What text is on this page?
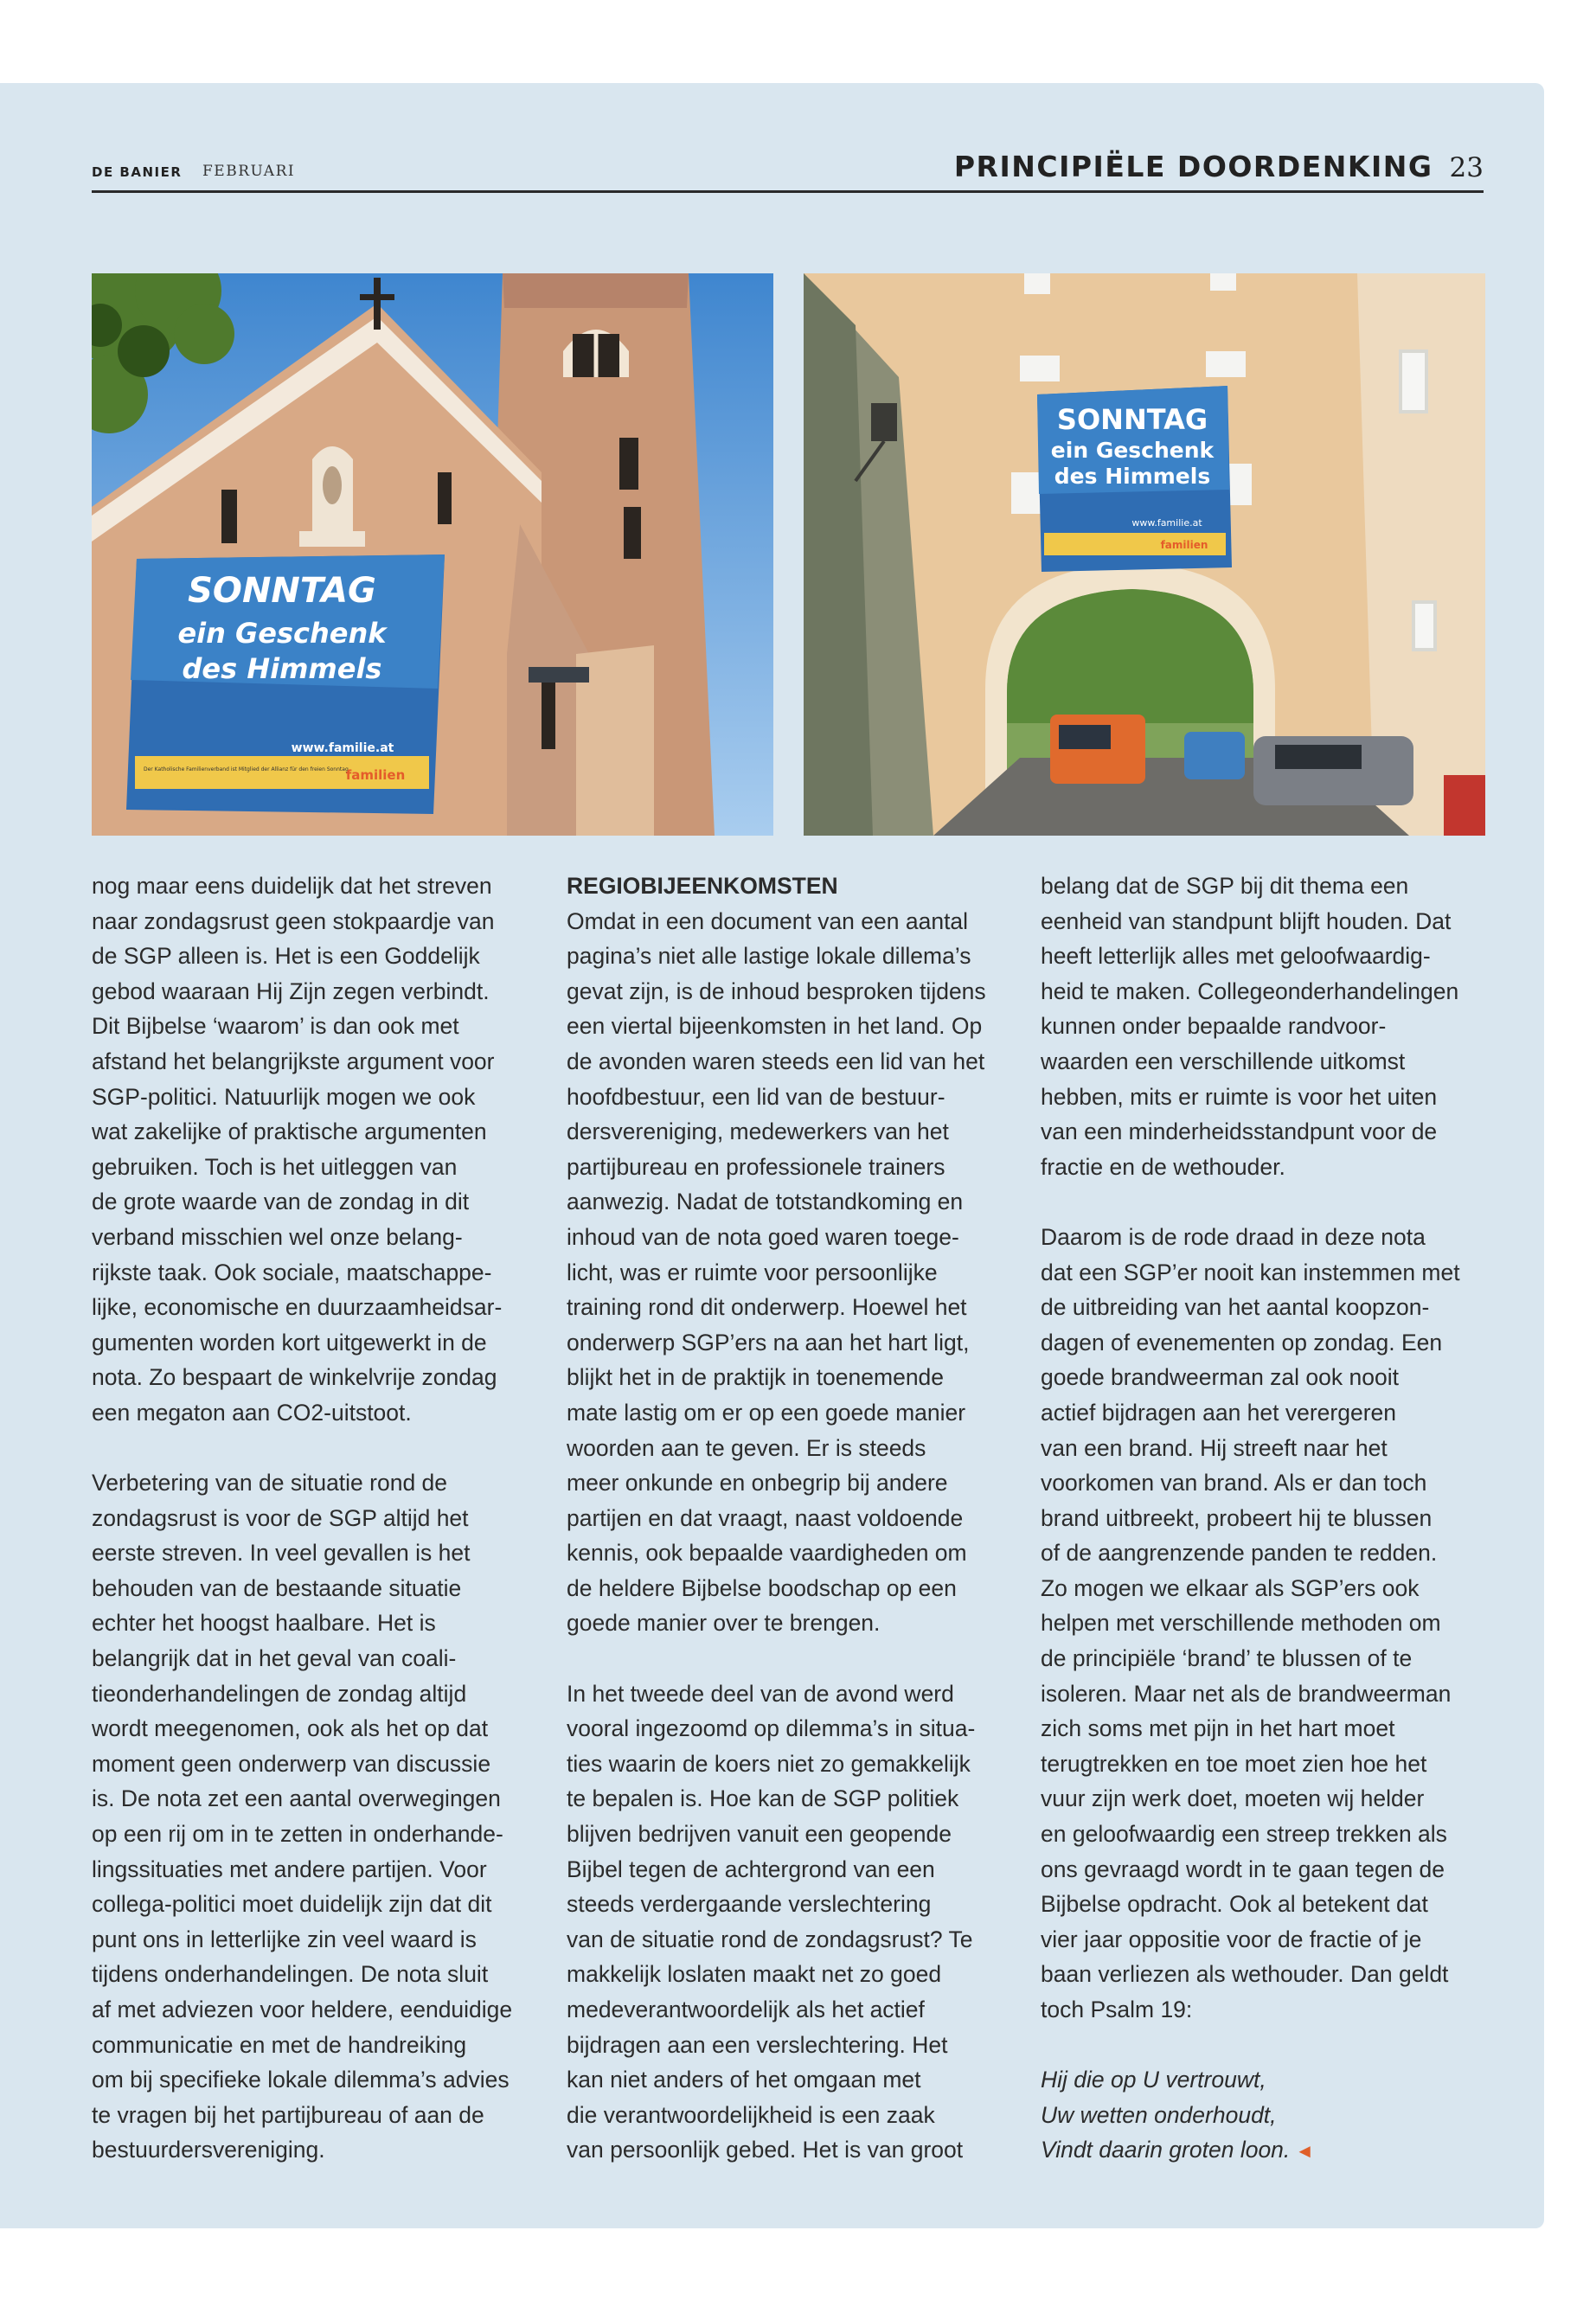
DE BANIER FEBRUARI	PRINCIPIËLE DOORDENKING 23
SONNTAG
ein Geschenk
des Himmels
www.familie.at
Der Katholische Familienverband ist Mitglied der Allianz für den freien Sonntag.
familien
SONNTAG
ein Geschenk
des Himmels
www.familie.at
familien

nog maar eens duidelijk dat het streven
naar zondagsrust geen stokpaardje van
de SGP alleen is. Het is een Goddelijk
gebod waaraan Hij Zijn zegen verbindt.
Dit Bijbelse ‘waarom’ is dan ook met
afstand het belangrijkste argument voor
SGP-politici. Natuurlijk mogen we ook
wat zakelijke of praktische argumenten
gebruiken. Toch is het uitleggen van
de grote waarde van de zondag in dit
verband misschien wel onze belang-
rijkste taak. Ook sociale, maatschappe-
lijke, economische en duurzaamheidsar-
gumenten worden kort uitgewerkt in de
nota. Zo bespaart de winkelvrije zondag
een megaton aan CO2-uitstoot.

Verbetering van de situatie rond de
zondagsrust is voor de SGP altijd het
eerste streven. In veel gevallen is het
behouden van de bestaande situatie
echter het hoogst haalbare. Het is
belangrijk dat in het geval van coali-
tieonderhandelingen de zondag altijd
wordt meegenomen, ook als het op dat
moment geen onderwerp van discussie
is. De nota zet een aantal overwegingen
op een rij om in te zetten in onderhande-
lingssituaties met andere partijen. Voor
collega-politici moet duidelijk zijn dat dit
punt ons in letterlijke zin veel waard is
tijdens onderhandelingen. De nota sluit
af met adviezen voor heldere, eenduidige
communicatie en met de handreiking
om bij specifieke lokale dilemma’s advies
te vragen bij het partijbureau of aan de
bestuurdersvereniging.

REGIOBIJEENKOMSTEN

Omdat in een document van een aantal
pagina’s niet alle lastige lokale dillema’s
gevat zijn, is de inhoud besproken tijdens
een viertal bijeenkomsten in het land. Op
de avonden waren steeds een lid van het
hoofdbestuur, een lid van de bestuur-
dersvereniging, medewerkers van het
partijbureau en professionele trainers
aanwezig. Nadat de totstandkoming en
inhoud van de nota goed waren toege-
licht, was er ruimte voor persoonlijke
training rond dit onderwerp. Hoewel het
onderwerp SGP’ers na aan het hart ligt,
blijkt het in de praktijk in toenemende
mate lastig om er op een goede manier
woorden aan te geven. Er is steeds
meer onkunde en onbegrip bij andere
partijen en dat vraagt, naast voldoende
kennis, ook bepaalde vaardigheden om
de heldere Bijbelse boodschap op een
goede manier over te brengen.

In het tweede deel van de avond werd
vooral ingezoomd op dilemma’s in situa-
ties waarin de koers niet zo gemakkelijk
te bepalen is. Hoe kan de SGP politiek
blijven bedrijven vanuit een geopende
Bijbel tegen de achtergrond van een
steeds verdergaande verslechtering
van de situatie rond de zondagsrust? Te
makkelijk loslaten maakt net zo goed
medeverantwoordelijk als het actief
bijdragen aan een verslechtering. Het
kan niet anders of het omgaan met
die verantwoordelijkheid is een zaak
van persoonlijk gebed. Het is van groot

belang dat de SGP bij dit thema een
eenheid van standpunt blijft houden. Dat
heeft letterlijk alles met geloofwaardig-
heid te maken. Collegeonderhandelingen
kunnen onder bepaalde randvoor-
waarden een verschillende uitkomst
hebben, mits er ruimte is voor het uiten
van een minderheidsstandpunt voor de
fractie en de wethouder.

Daarom is de rode draad in deze nota
dat een SGP’er nooit kan instemmen met
de uitbreiding van het aantal koopzon-
dagen of evenementen op zondag. Een
goede brandweerman zal ook nooit
actief bijdragen aan het verergeren
van een brand. Hij streeft naar het
voorkomen van brand. Als er dan toch
brand uitbreekt, probeert hij te blussen
of de aangrenzende panden te redden.
Zo mogen we elkaar als SGP’ers ook
helpen met verschillende methoden om
de principiële ‘brand’ te blussen of te
isoleren. Maar net als de brandweerman
zich soms met pijn in het hart moet
terugtrekken en toe moet zien hoe het
vuur zijn werk doet, moeten wij helder
en geloofwaardig een streep trekken als
ons gevraagd wordt in te gaan tegen de
Bijbelse opdracht. Ook al betekent dat
vier jaar oppositie voor de fractie of je
baan verliezen als wethouder. Dan geldt
toch Psalm 19:

Hij die op U vertrouwt,
Uw wetten onderhoudt,
Vindt daarin groten loon. ◄
